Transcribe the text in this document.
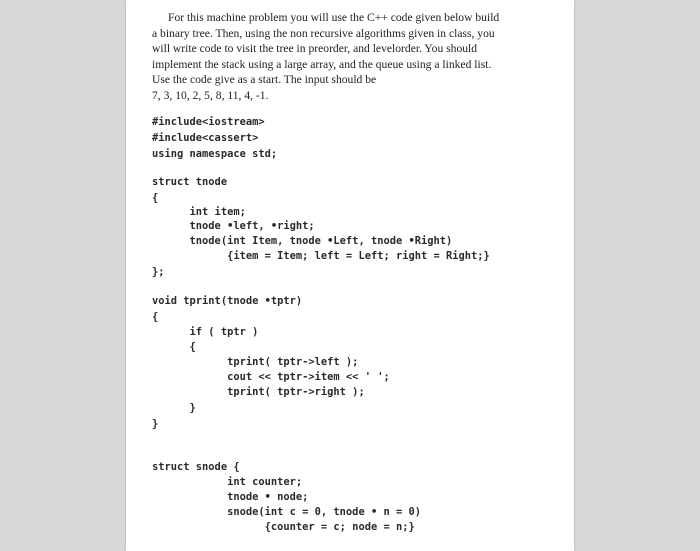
For this machine problem you will use the C++ code given below build
a binary tree. Then, using the non recursive algorithms given in class, you
will write code to visit the tree in preorder, and levelorder. You should
implement the stack using a large array, and the queue using a linked list.
Use the code give as a start. The input should be
7, 3, 10, 2, 5, 8, 11, 4, -1.
#include<iostream>
#include<cassert>
using namespace std;
struct tnode
{
int item;
tnode •left, •right;
tnode(int Item, tnode •Left, tnode •Right)
{item = Item; left = Left; right = Right;}
};
void tprint(tnode •tptr)
{
if ( tptr )
{
tprint( tptr->left );
cout << tptr->item << ' ';
tprint( tptr->right );
}
}
struct snode {
int counter;
tnode • node;
snode(int c = 0, tnode • n = 0)
{counter = c; node = n;}
